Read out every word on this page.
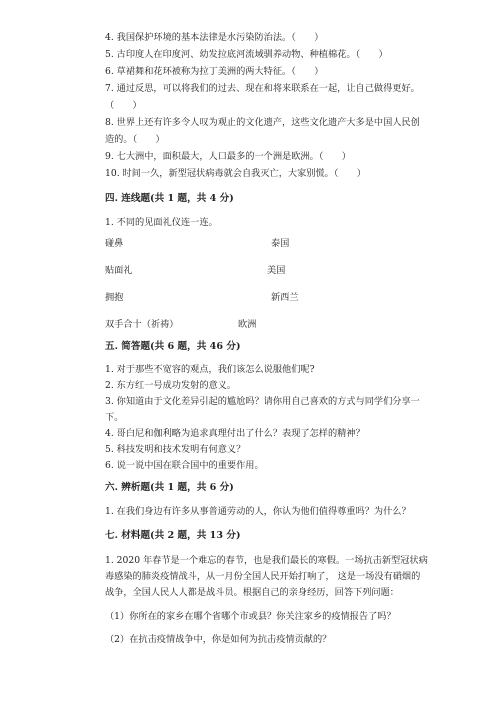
4. 我国保护环境的基本法律是水污染防治法。（　　）
5. 古印度人在印度河、幼发拉底河流域驯养动物、种植棉花。（　　）
6. 草裙舞和花环被称为拉丁美洲的两大特征。（　　）
7. 通过反思，可以将我们的过去、现在和将来联系在一起，让自己做得更好。
（　　）
8. 世界上还有许多令人叹为观止的文化遗产，这些文化遗产大多是中国人民创
造的。（　　）
9. 七大洲中，面积最大，人口最多的一个洲是欧洲。（　　）
10. 时间一久，新型冠状病毒就会自我灭亡，大家别慌。（　　）
四. 连线题(共 1 题，共 4 分)
1. 不同的见面礼仪连一连。
碰鼻
贴面礼
拥抱
双手合十（祈祷）
泰国
美国
新西兰
欧洲
五. 简答题(共 6 题，共 46 分)
1. 对于那些不宽容的观点，我们该怎么说服他们呢?
2. 东方红一号成功发射的意义。
3. 你知道由于文化差异引起的尴尬吗？请你用自己喜欢的方式与同学们分享一
下。
4. 哥白尼和伽利略为追求真理付出了什么？表现了怎样的精神？
5. 科技发明和技术发明有何意义？
6. 说一说中国在联合国中的重要作用。
六. 辨析题(共 1 题，共 6 分)
1. 在我们身边有许多从事普通劳动的人，你认为他们值得尊重吗？为什么？
七. 材料题(共 2 题，共 13 分)
1. 2020 年春节是一个难忘的春节，也是我们最长的寒假。一场抗击新型冠状病
毒感染的肺炎疫情战斗，从一月份全国人民开始打响了， 这是一场没有硝烟的
战争，全国人民人人都是战斗员。根据自己的亲身经历，回答下列问题：
（1）你所在的家乡在哪个省哪个市或县？你关注家乡的疫情报告了吗？
（2）在抗击疫情战争中，你是如何为抗击疫情贡献的？
